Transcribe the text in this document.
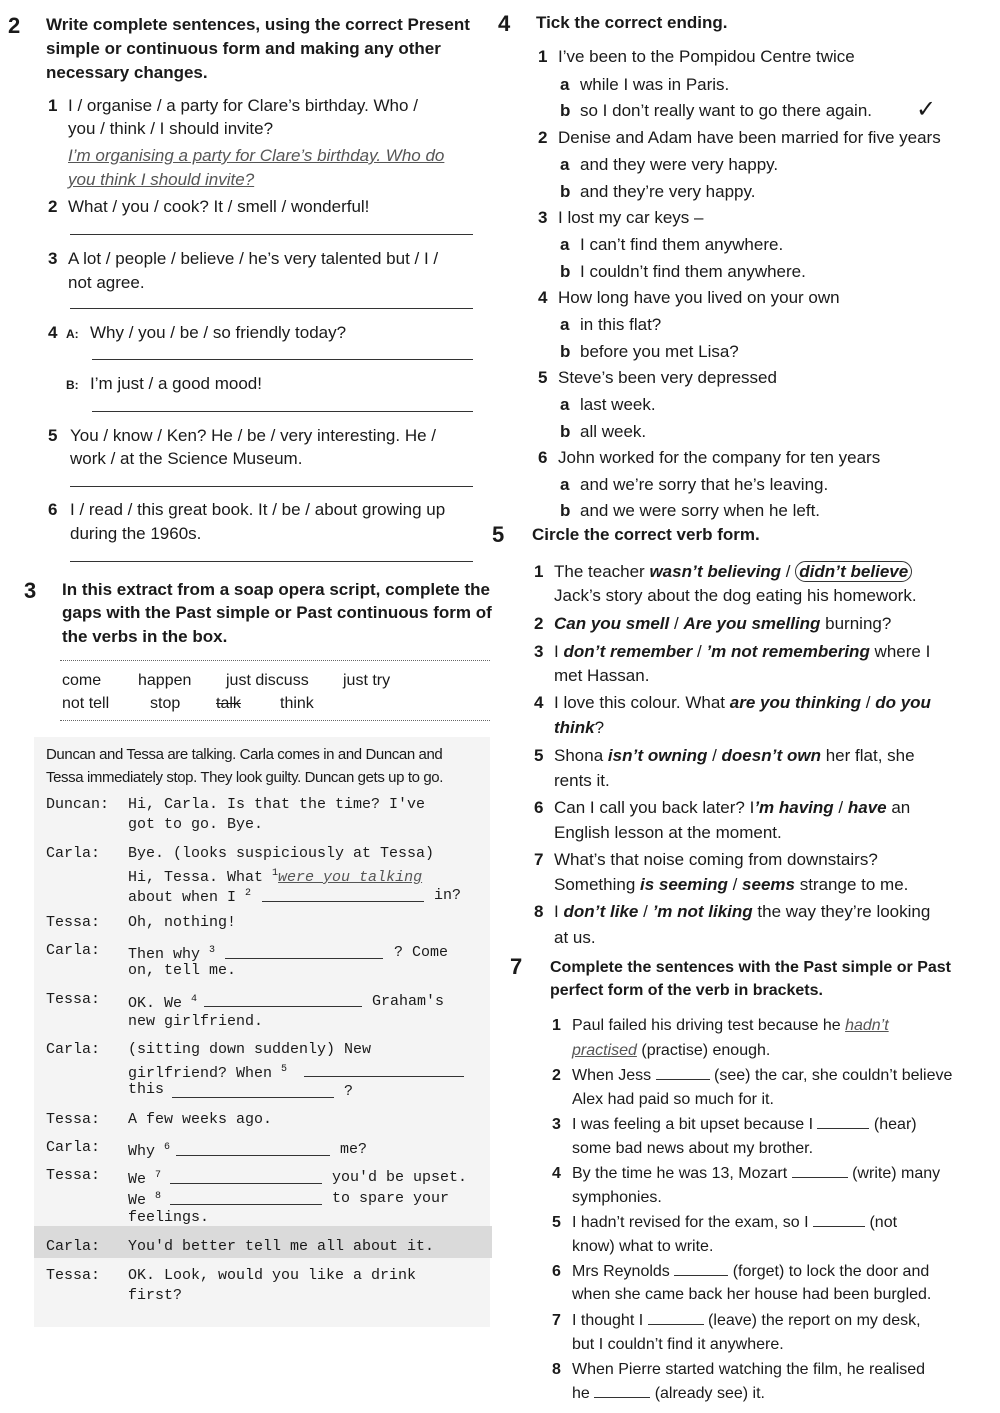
2 Write complete sentences, using the correct Present
simple or continuous form and making any other
necessary changes.
1 I / organise / a party for Clare’s birthday. Who /
you / think / I should invite?
I’m organising a party for Clare’s birthday. Who do
you think I should invite?
2 What / you / cook? It / smell / wonderful!
3 A lot / people / believe / he’s very talented but / I /
not agree.
4 A: Why / you / be / so friendly today?
B: I’m just / a good mood!
5 You / know / Ken? He / be / very interesting. He /
work / at the Science Museum.
6 I / read / this great book. It / be / about growing up
during the 1960s.
3 In this extract from a soap opera script, complete the
gaps with the Past simple or Past continuous form of
the verbs in the box.
come happen just discuss just try
not tell	stop talk think
Duncan and Tessa are talking. Carla comes in and Duncan and
Tessa immediately stop. They look guilty. Duncan gets up to go.
Duncan: Hi, Carla. Is that the time? I've
got to go. Bye.
Carla: Bye. (looks suspiciously at Tessa)
Hi, Tessa. What $^1$were you talking
about when I $^2$	in?
Tessa: Oh, nothing!
Carla: Then why $^3$	? Come
on, tell me.
Tessa: OK. We $^4$	Graham's
new girlfriend.
Carla: (sitting down suddenly) New
girlfriend? When $^5$
this	?
Tessa: A few weeks ago.
Carla: Why $^6$	me?
Tessa: We $^7$	you'd be upset.
We $^8$	to spare your
feelings.
Carla: You'd better tell me all about it.
Tessa: OK. Look, would you like a drink
first?
4 Tick the correct ending.
1 I’ve been to the Pompidou Centre twice
a while I was in Paris.
b so I don’t really want to go there again. ✓
2 Denise and Adam have been married for five years
a and they were very happy.
b and they’re very happy.
3 I lost my car keys –
a I can’t find them anywhere.
b I couldn’t find them anywhere.
4 How long have you lived on your own
a in this flat?
b before you met Lisa?
5 Steve’s been very depressed
a last week.
b all week.
6 John worked for the company for ten years
a and we’re sorry that he’s leaving.
b and we were sorry when he left.
5 Circle the correct verb form.
1 The teacher wasn’t believing / didn’t believe
Jack’s story about the dog eating his homework.
2 Can you smell / Are you smelling burning?
3 I don’t remember / ’m not remembering where I
met Hassan.
4 I love this colour. What are you thinking / do you
think?
5 Shona isn’t owning / doesn’t own her flat, she
rents it.
6 Can I call you back later? I’m having / have an
English lesson at the moment.
7 What’s that noise coming from downstairs?
Something is seeming / seems strange to me.
8 I don’t like / ’m not liking the way they’re looking
at us.
7 Complete the sentences with the Past simple or Past
perfect form of the verb in brackets.
1 Paul failed his driving test because he hadn’t
practised (practise) enough.
2 When Jess	(see) the car, she couldn’t believe
Alex had paid so much for it.
3 I was feeling a bit upset because I	(hear)
some bad news about my brother.
4 By the time he was 13, Mozart	(write) many
symphonies.
5 I hadn’t revised for the exam, so I	(not
know) what to write.
6 Mrs Reynolds	(forget) to lock the door and
when she came back her house had been burgled.
7 I thought I	(leave) the report on my desk,
but I couldn’t find it anywhere.
8 When Pierre started watching the film, he realised
he	(already see) it.
